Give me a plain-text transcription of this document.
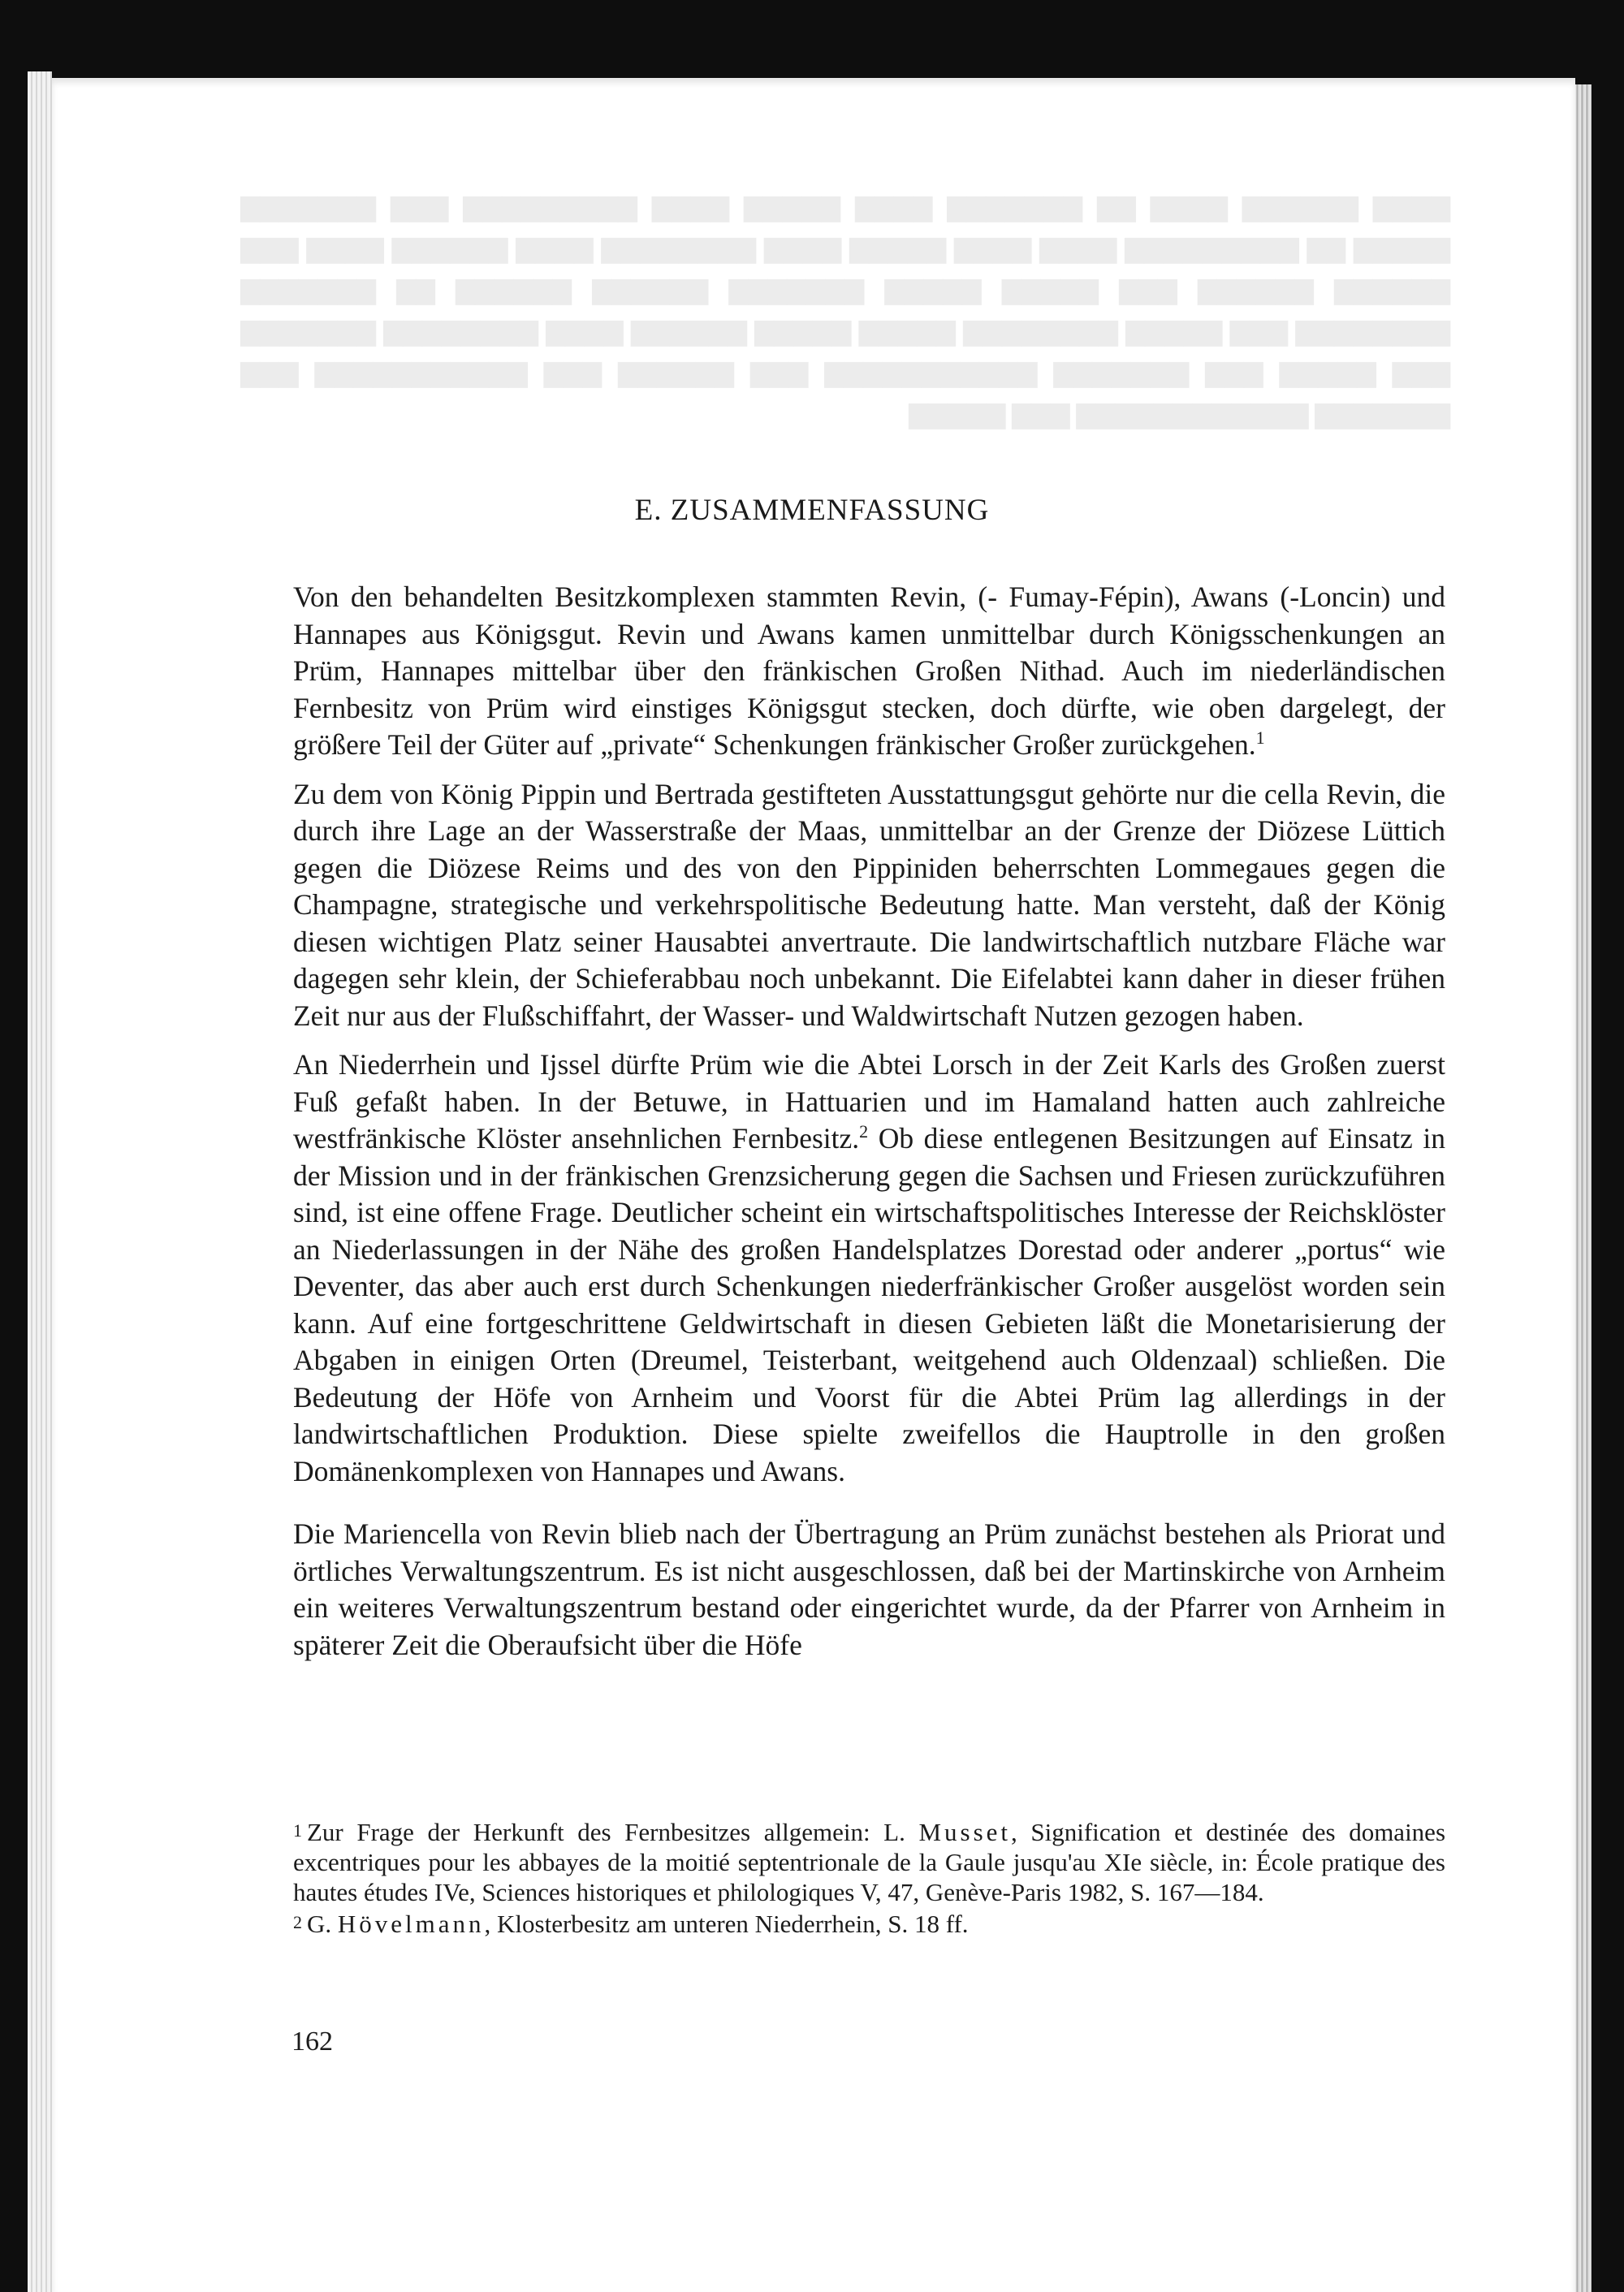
▇▇▇▇ ▇▇▇▇▇▇ ▇▇▇▇ ▇▇ ▇▇▇▇▇▇▇ ▇▇▇▇ ▇▇▇▇▇ ▇▇▇▇ ▇▇▇▇▇▇▇▇▇ ▇▇▇ ▇▇▇▇▇▇▇ ▇▇▇▇▇ ▇▇ ▇▇▇▇▇▇▇▇▇ ▇▇▇▇ ▇▇▇▇ ▇▇▇▇▇ ▇▇▇▇ ▇▇▇▇▇▇▇▇ ▇▇▇▇ ▇▇▇▇▇▇ ▇▇▇▇ ▇▇▇ ▇▇▇▇▇▇ ▇▇▇▇▇▇ ▇▇▇ ▇▇▇▇▇ ▇▇▇▇▇ ▇▇▇▇▇▇▇ ▇▇▇▇▇▇ ▇▇▇▇▇▇ ▇▇ ▇▇▇▇▇▇▇ ▇▇▇▇▇▇▇▇ ▇▇▇ ▇▇▇▇▇ ▇▇▇▇▇▇▇▇ ▇▇▇▇▇ ▇▇▇▇▇ ▇▇▇▇▇▇ ▇▇▇▇ ▇▇▇▇▇▇▇▇ ▇▇▇▇▇▇▇ ▇▇▇ ▇▇▇▇▇ ▇▇▇ ▇▇▇▇▇▇▇ ▇▇▇▇▇▇▇▇▇▇▇ ▇▇▇ ▇▇▇▇▇▇ ▇▇▇ ▇▇▇▇▇▇▇▇▇▇▇ ▇▇▇ ▇▇▇▇▇▇▇ ▇▇▇▇▇▇▇▇▇▇▇▇ ▇▇▇ ▇▇▇▇▇
E. ZUSAMMENFASSUNG

Von den behandelten Besitzkomplexen stammten Revin, (- Fumay-Fépin), Awans (-Loncin) und Hannapes aus Königsgut. Revin und Awans kamen unmittelbar durch Königsschenkungen an Prüm, Hannapes mittelbar über den fränkischen Großen Nithad. Auch im niederländischen Fernbesitz von Prüm wird einstiges Königsgut stecken, doch dürfte, wie oben dargelegt, der größere Teil der Güter auf „private“ Schenkungen fränkischer Großer zurückgehen.$^1$

Zu dem von König Pippin und Bertrada gestifteten Ausstattungsgut gehörte nur die cella Revin, die durch ihre Lage an der Wasserstraße der Maas, unmittelbar an der Grenze der Diözese Lüttich gegen die Diözese Reims und des von den Pippiniden beherrschten Lommegaues gegen die Champagne, strategische und verkehrspolitische Bedeutung hatte. Man versteht, daß der König diesen wichtigen Platz seiner Hausabtei anvertraute. Die landwirtschaftlich nutzbare Fläche war dagegen sehr klein, der Schieferabbau noch unbekannt. Die Eifelabtei kann daher in dieser frühen Zeit nur aus der Flußschiffahrt, der Wasser- und Waldwirtschaft Nutzen gezogen haben.

An Niederrhein und Ijssel dürfte Prüm wie die Abtei Lorsch in der Zeit Karls des Großen zuerst Fuß gefaßt haben. In der Betuwe, in Hattuarien und im Hamaland hatten auch zahlreiche westfränkische Klöster ansehnlichen Fernbesitz.$^2$ Ob diese entlegenen Besitzungen auf Einsatz in der Mission und in der fränkischen Grenzsicherung gegen die Sachsen und Friesen zurückzuführen sind, ist eine offene Frage. Deutlicher scheint ein wirtschaftspolitisches Interesse der Reichsklöster an Niederlassungen in der Nähe des großen Handelsplatzes Dorestad oder anderer „portus“ wie Deventer, das aber auch erst durch Schenkungen niederfränkischer Großer ausgelöst worden sein kann. Auf eine fortgeschrittene Geldwirtschaft in diesen Gebieten läßt die Monetarisierung der Abgaben in einigen Orten (Dreumel, Teisterbant, weitgehend auch Oldenzaal) schließen. Die Bedeutung der Höfe von Arnheim und Voorst für die Abtei Prüm lag allerdings in der landwirtschaftlichen Produktion. Diese spielte zweifellos die Hauptrolle in den großen Domänenkomplexen von Hannapes und Awans.

Die Mariencella von Revin blieb nach der Übertragung an Prüm zunächst bestehen als Priorat und örtliches Verwaltungszentrum. Es ist nicht ausgeschlossen, daß bei der Martinskirche von Arnheim ein weiteres Verwaltungszentrum bestand oder eingerichtet wurde, da der Pfarrer von Arnheim in späterer Zeit die Oberaufsicht über die Höfe

1 Zur Frage der Herkunft des Fernbesitzes allgemein: L. Musset, Signification et destinée des domaines excentriques pour les abbayes de la moitié septentrionale de la Gaule jusqu'au XIe siècle, in: École pratique des hautes études IVe, Sciences historiques et philologiques V, 47, Genève-Paris 1982, S. 167—184.

2 G. Hövelmann, Klosterbesitz am unteren Niederrhein, S. 18 ff.

162
